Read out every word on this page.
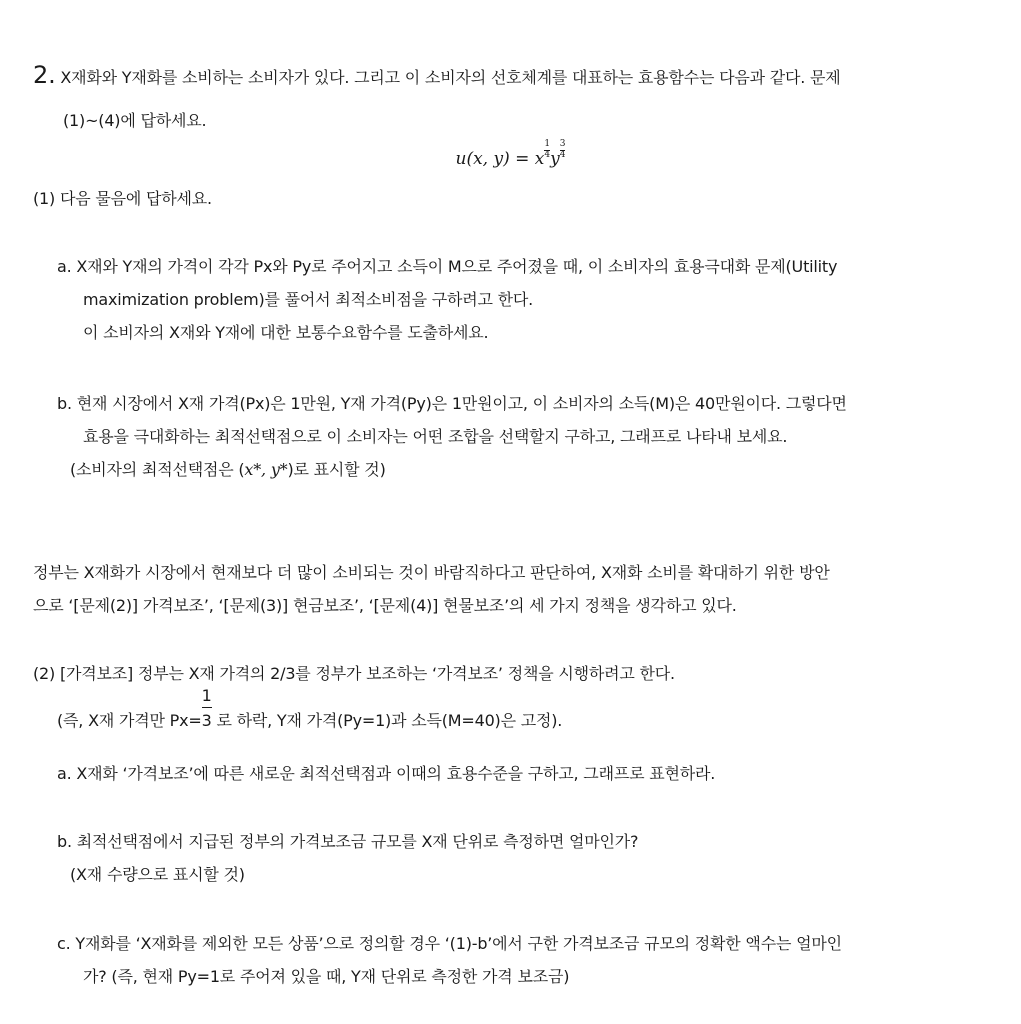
2. X재화와 Y재화를 소비하는 소비자가 있다. 그리고 이 소비자의 선호체계를 대표하는 효용함수는 다음과 같다. 문제
(1)~(4)에 답하세요.
u(x, y) = x $\frac{1}{4}$ y $\frac{3}{4}$
(1) 다음 물음에 답하세요.
a. X재와 Y재의 가격이 각각 Px와 Py로 주어지고 소득이 M으로 주어졌을 때, 이 소비자의 효용극대화 문제(Utility
maximization problem)를 풀어서 최적소비점을 구하려고 한다.
이 소비자의 X재와 Y재에 대한 보통수요함수를 도출하세요.
b. 현재 시장에서 X재 가격(Px)은 1만원, Y재 가격(Py)은 1만원이고, 이 소비자의 소득(M)은 40만원이다. 그렇다면
효용을 극대화하는 최적선택점으로 이 소비자는 어떤 조합을 선택할지 구하고, 그래프로 나타내 보세요.
(소비자의 최적선택점은 (x*, y*)로 표시할 것)
정부는 X재화가 시장에서 현재보다 더 많이 소비되는 것이 바람직하다고 판단하여, X재화 소비를 확대하기 위한 방안
으로 ‘[문제(2)] 가격보조’, ‘[문제(3)] 현금보조’, ‘[문제(4)] 현물보조’의 세 가지 정책을 생각하고 있다.
(2) [가격보조] 정부는 X재 가격의 2/3를 정부가 보조하는 ‘가격보조’ 정책을 시행하려고 한다.
(즉, X재 가격만 $Px= \frac{1}{3}$ 로 하락, Y재 가격(Py=1)과 소득(M=40)은 고정).
a. X재화 ‘가격보조’에 따른 새로운 최적선택점과 이때의 효용수준을 구하고, 그래프로 표현하라.
b. 최적선택점에서 지급된 정부의 가격보조금 규모를 X재 단위로 측정하면 얼마인가?
(X재 수량으로 표시할 것)
c. Y재화를 ‘X재화를 제외한 모든 상품’으로 정의할 경우 ‘(1)-b’에서 구한 가격보조금 규모의 정확한 액수는 얼마인
가? (즉, 현재 Py=1로 주어져 있을 때, Y재 단위로 측정한 가격 보조금)
